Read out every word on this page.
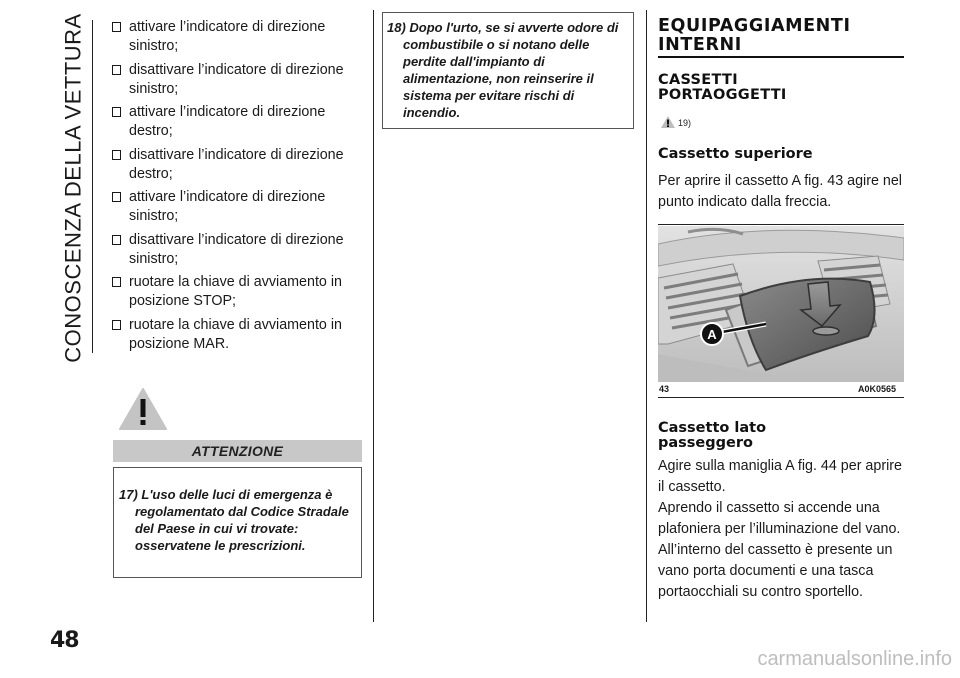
CONOSCENZA DELLA VETTURA
48
attivare l’indicatore di direzione sinistro;
disattivare l’indicatore di direzione sinistro;
attivare l’indicatore di direzione destro;
disattivare l’indicatore di direzione destro;
attivare l’indicatore di direzione sinistro;
disattivare l’indicatore di direzione sinistro;
ruotare la chiave di avviamento in posizione STOP;
ruotare la chiave di avviamento in posizione MAR.
ATTENZIONE
17) L'uso delle luci di emergenza è regolamentato dal Codice Stradale del Paese in cui vi trovate: osservatene le prescrizioni.
18) Dopo l'urto, se si avverte odore di combustibile o si notano delle perdite dall'impianto di alimentazione, non reinserire il sistema per evitare rischi di incendio.
EQUIPAGGIAMENTI INTERNI
CASSETTI PORTAOGGETTI
19)
Cassetto superiore

Per aprire il cassetto A fig. 43 agire nel punto indicato dalla freccia.

A
43	A0K0565
Cassetto lato passeggero

Agire sulla maniglia A fig. 44 per aprire il cassetto.

Aprendo il cassetto si accende una plafoniera per l’illuminazione del vano.

All’interno del cassetto è presente un vano porta documenti e una tasca portaocchiali su contro sportello.

carmanualsonline.info
